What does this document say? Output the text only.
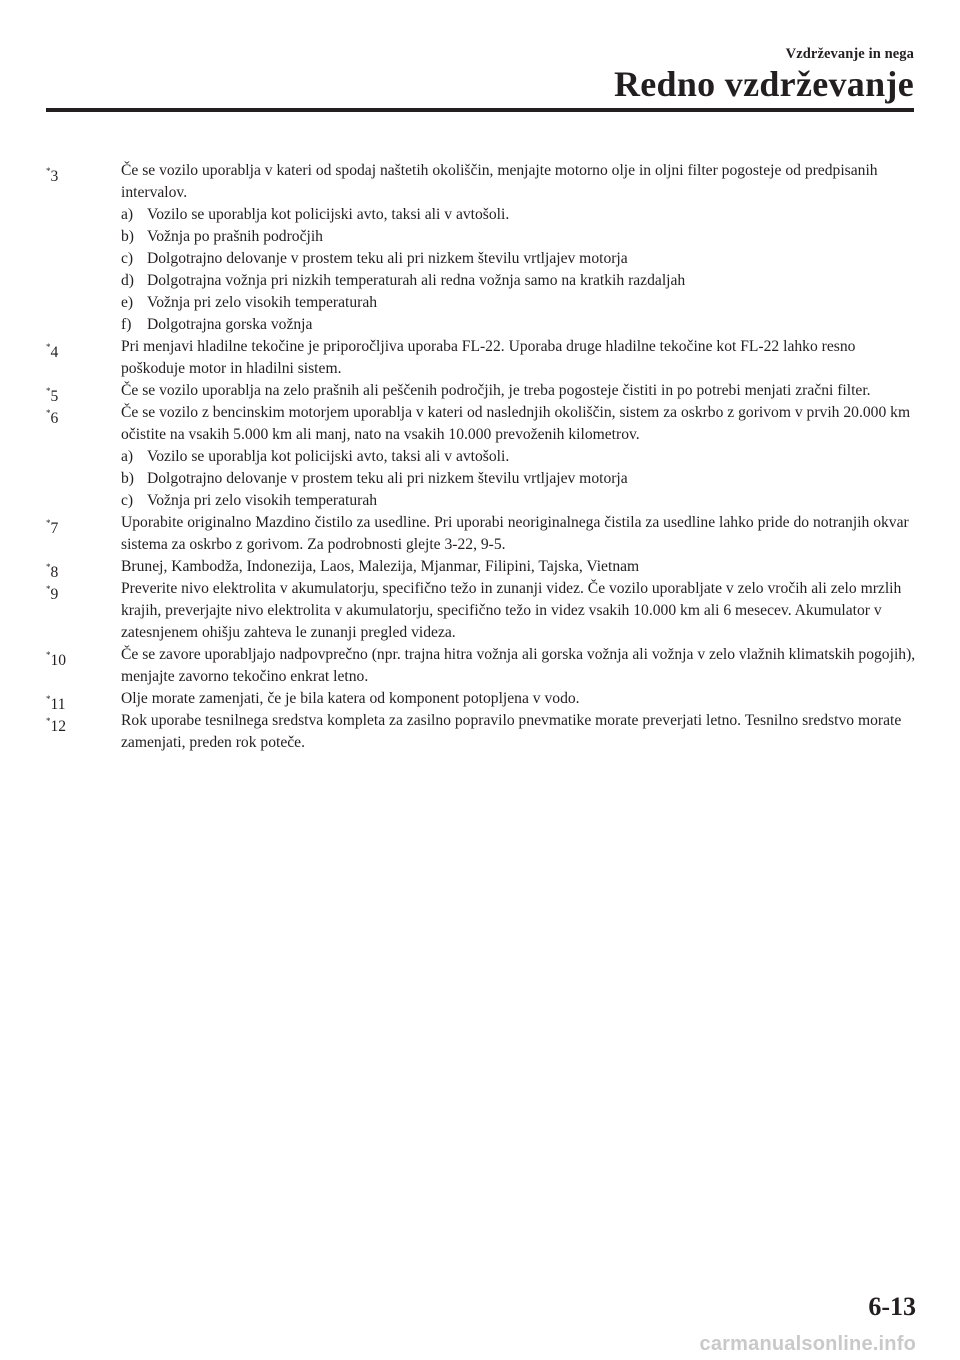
Vzdrževanje in nega
Redno vzdrževanje
*3	Če se vozilo uporablja v kateri od spodaj naštetih okoliščin, menjajte motorno olje in oljni filter pogosteje od predpisanih intervalov.
a) Vozilo se uporablja kot policijski avto, taksi ali v avtošoli.
b) Vožnja po prašnih področjih
c) Dolgotrajno delovanje v prostem teku ali pri nizkem številu vrtljajev motorja
d) Dolgotrajna vožnja pri nizkih temperaturah ali redna vožnja samo na kratkih razdaljah
e) Vožnja pri zelo visokih temperaturah
f) Dolgotrajna gorska vožnja
*4	Pri menjavi hladilne tekočine je priporočljiva uporaba FL-22. Uporaba druge hladilne tekočine kot FL-22 lahko resno poškoduje motor in hladilni sistem.
*5	Če se vozilo uporablja na zelo prašnih ali peščenih področjih, je treba pogosteje čistiti in po potrebi menjati zračni filter.
*6	Če se vozilo z bencinskim motorjem uporablja v kateri od naslednjih okoliščin, sistem za oskrbo z gorivom v prvih 20.000 km očistite na vsakih 5.000 km ali manj, nato na vsakih 10.000 prevoženih kilometrov.
a) Vozilo se uporablja kot policijski avto, taksi ali v avtošoli.
b) Dolgotrajno delovanje v prostem teku ali pri nizkem številu vrtljajev motorja
c) Vožnja pri zelo visokih temperaturah
*7	Uporabite originalno Mazdino čistilo za usedline. Pri uporabi neoriginalnega čistila za usedline lahko pride do notranjih okvar sistema za oskrbo z gorivom. Za podrobnosti glejte 3-22, 9-5.
*8	Brunej, Kambodža, Indonezija, Laos, Malezija, Mjanmar, Filipini, Tajska, Vietnam
*9	Preverite nivo elektrolita v akumulatorju, specifično težo in zunanji videz. Če vozilo uporabljate v zelo vročih ali zelo mrzlih krajih, preverjajte nivo elektrolita v akumulatorju, specifično težo in videz vsakih 10.000 km ali 6 mesecev. Akumulator v zatesnjenem ohišju zahteva le zunanji pregled videza.
*10	Če se zavore uporabljajo nadpovprečno (npr. trajna hitra vožnja ali gorska vožnja ali vožnja v zelo vlažnih klimatskih pogojih), menjajte zavorno tekočino enkrat letno.
*11	Olje morate zamenjati, če je bila katera od komponent potopljena v vodo.
*12	Rok uporabe tesnilnega sredstva kompleta za zasilno popravilo pnevmatike morate preverjati letno. Tesnilno sredstvo morate zamenjati, preden rok poteče.
6-13
carmanualsonline.info
